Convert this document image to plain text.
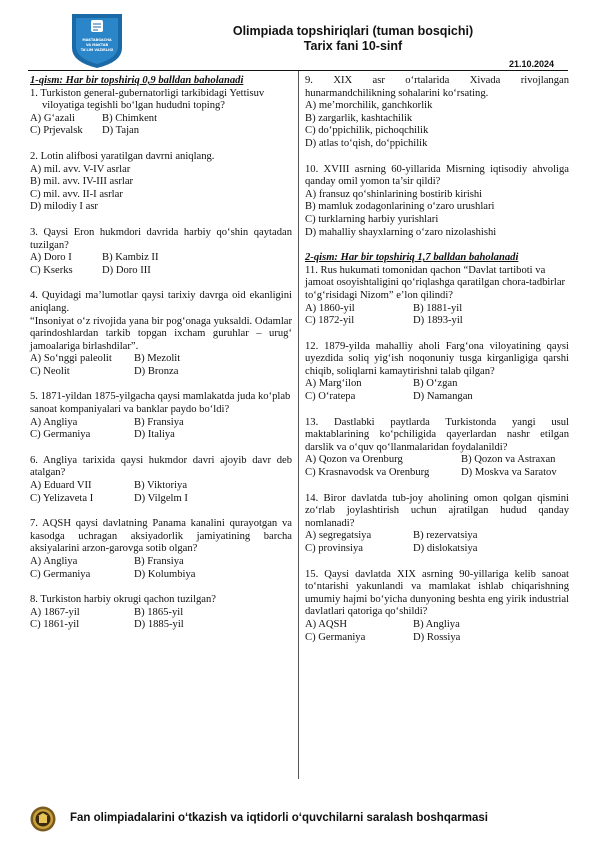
MAKTABGACHA
VA MAKTAB
TA'LIM VAZIRLIGI
Olimpiada topshiriqlari (tuman bosqichi)
Tarix fani 10-sinf
21.10.2024
1-qism: Har bir topshiriq 0,9 balldan baholanadi
1. Turkiston general-gubernatorligi tarkibidagi Yettisuv viloyatiga tegishli bo‘lgan hududni toping?
A) G‘azali	B) Chimkent
C) Prjevalsk	D) Tajan
2. Lotin alifbosi yaratilgan davrni aniqlang.
A) mil. avv. V-IV asrlar
B) mil. avv. IV-III asrlar
C) mil. avv. II-I asrlar
D) milodiy I asr
3. Qaysi Eron hukmdori davrida harbiy qo‘shin qaytadan tuzilgan?
A) Doro I	B) Kambiz II
C) Kserks	D) Doro III
4. Quyidagi ma’lumotlar qaysi tarixiy davrga oid ekanligini aniqlang.
“Insoniyat o‘z rivojida yana bir pog‘onaga yuksaldi. Odamlar qarindoshlardan tarkib topgan ixcham guruhlar – urug‘ jamoalariga birlashdilar”.
A) So‘nggi paleolit	B) Mezolit
C) Neolit	D) Bronza
5. 1871-yildan 1875-yilgacha qaysi mamlakatda juda ko‘plab sanoat kompaniyalari va banklar paydo bo‘ldi?
A) Angliya	B) Fransiya
C) Germaniya	D) Italiya
6. Angliya tarixida qaysi hukmdor davri ajoyib davr deb atalgan?
A) Eduard VII	B) Viktoriya
C) Yelizaveta I	D) Vilgelm I
7. AQSH qaysi davlatning Panama kanalini qurayotgan va kasodga uchragan aksiyadorlik jamiyatining barcha aksiyalarini arzon-garovga sotib olgan?
A) Angliya	B) Fransiya
C) Germaniya	D) Kolumbiya
8. Turkiston harbiy okrugi qachon tuzilgan?
A) 1867-yil	B) 1865-yil
C) 1861-yil	D) 1885-yil
9. XIX asr o‘rtalarida Xivada rivojlangan hunarmandchilikning sohalarini ko‘rsating.
A) me’morchilik, ganchkorlik
B) zargarlik, kashtachilik
C) do‘ppichilik, pichoqchilik
D) atlas to‘qish, do‘ppichilik
10. XVIII asrning 60-yillarida Misrning iqtisodiy ahvoliga qanday omil yomon ta’sir qildi?
A) fransuz qo‘shinlarining bostirib kirishi
B) mamluk zodagonlarining o‘zaro urushlari
C) turklarning harbiy yurishlari
D) mahalliy shayxlarning o‘zaro nizolashishi
2-qism: Har bir topshiriq 1,7 balldan baholanadi
11. Rus hukumati tomonidan qachon “Davlat tartiboti va jamoat osoyishtaligini qo‘riqlashga qaratilgan chora-tadbirlar to‘g‘risidagi Nizom” e’lon qilindi?
A) 1860-yil	B) 1881-yil
C) 1872-yil	D) 1893-yil
12. 1879-yilda mahalliy aholi Farg‘ona viloyatining qaysi uyezdida soliq yig‘ish noqonuniy tusga kirganligiga qarshi chiqib, soliqlarni kamaytirishni talab qilgan?
A) Marg‘ilon	B) O‘zgan
C) O‘ratepa	D) Namangan
13. Dastlabki paytlarda Turkistonda yangi usul maktablarining ko‘pchiligida qayerlardan nashr etilgan darslik va o‘quv qo‘llanmalaridan foydalanildi?
A) Qozon va Orenburg	B) Qozon va Astraxan
C) Krasnavodsk va Orenburg	D) Moskva va Saratov
14. Biror davlatda tub-joy aholining omon qolgan qismini zo‘rlab joylashtirish uchun ajratilgan hudud qanday nomlanadi?
A) segregatsiya	B) rezervatsiya
C) provinsiya	D) dislokatsiya
15. Qaysi davlatda XIX asrning 90-yillariga kelib sanoat to‘ntarishi yakunlandi va mamlakat ishlab chiqarishning umumiy hajmi bo‘yicha dunyoning beshta eng yirik industrial davlatlari qatoriga qo‘shildi?
A) AQSH	B) Angliya
C) Germaniya	D) Rossiya
Fan olimpiadalarini o‘tkazish va iqtidorli o‘quvchilarni saralash boshqarmasi
